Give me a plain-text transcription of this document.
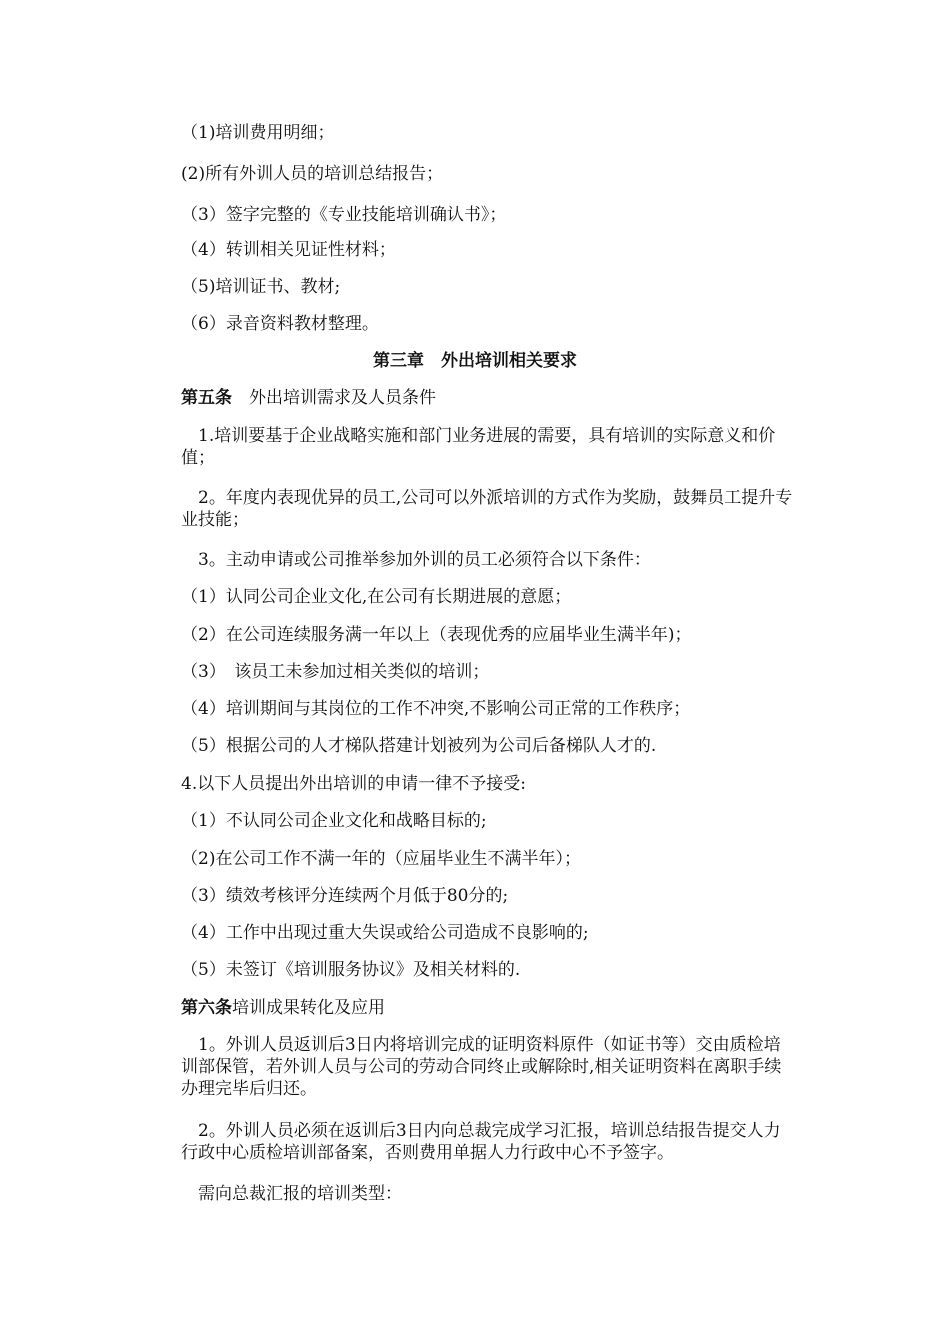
（1)培训费用明细；

(2)所有外训人员的培训总结报告；

（3）签字完整的《专业技能培训确认书》；

（4）转训相关见证性材料；

（5)培训证书、教材;

（6）录音资料教材整理。

第三章　外出培训相关要求

第五条　外出培训需求及人员条件

1.培训要基于企业战略实施和部门业务进展的需要，具有培训的实际意义和价值；

2。年度内表现优异的员工,公司可以外派培训的方式作为奖励，鼓舞员工提升专业技能；

3。主动申请或公司推举参加外训的员工必须符合以下条件：

（1）认同公司企业文化,在公司有长期进展的意愿；

（2）在公司连续服务满一年以上（表现优秀的应届毕业生满半年)；

（3）　该员工未参加过相关类似的培训；

（4）培训期间与其岗位的工作不冲突,不影响公司正常的工作秩序；

（5）根据公司的人才梯队搭建计划被列为公司后备梯队人才的.

4.以下人员提出外出培训的申请一律不予接受:

（1）不认同公司企业文化和战略目标的;

（2)在公司工作不满一年的（应届毕业生不满半年）；

（3）绩效考核评分连续两个月低于80分的;

（4）工作中出现过重大失误或给公司造成不良影响的;

（5）未签订《培训服务协议》及相关材料的.

第六条培训成果转化及应用

1。外训人员返训后3日内将培训完成的证明资料原件（如证书等）交由质检培训部保管，若外训人员与公司的劳动合同终止或解除时,相关证明资料在离职手续办理完毕后归还。

2。外训人员必须在返训后3日内向总裁完成学习汇报，培训总结报告提交人力行政中心质检培训部备案，否则费用单据人力行政中心不予签字。

需向总裁汇报的培训类型：
